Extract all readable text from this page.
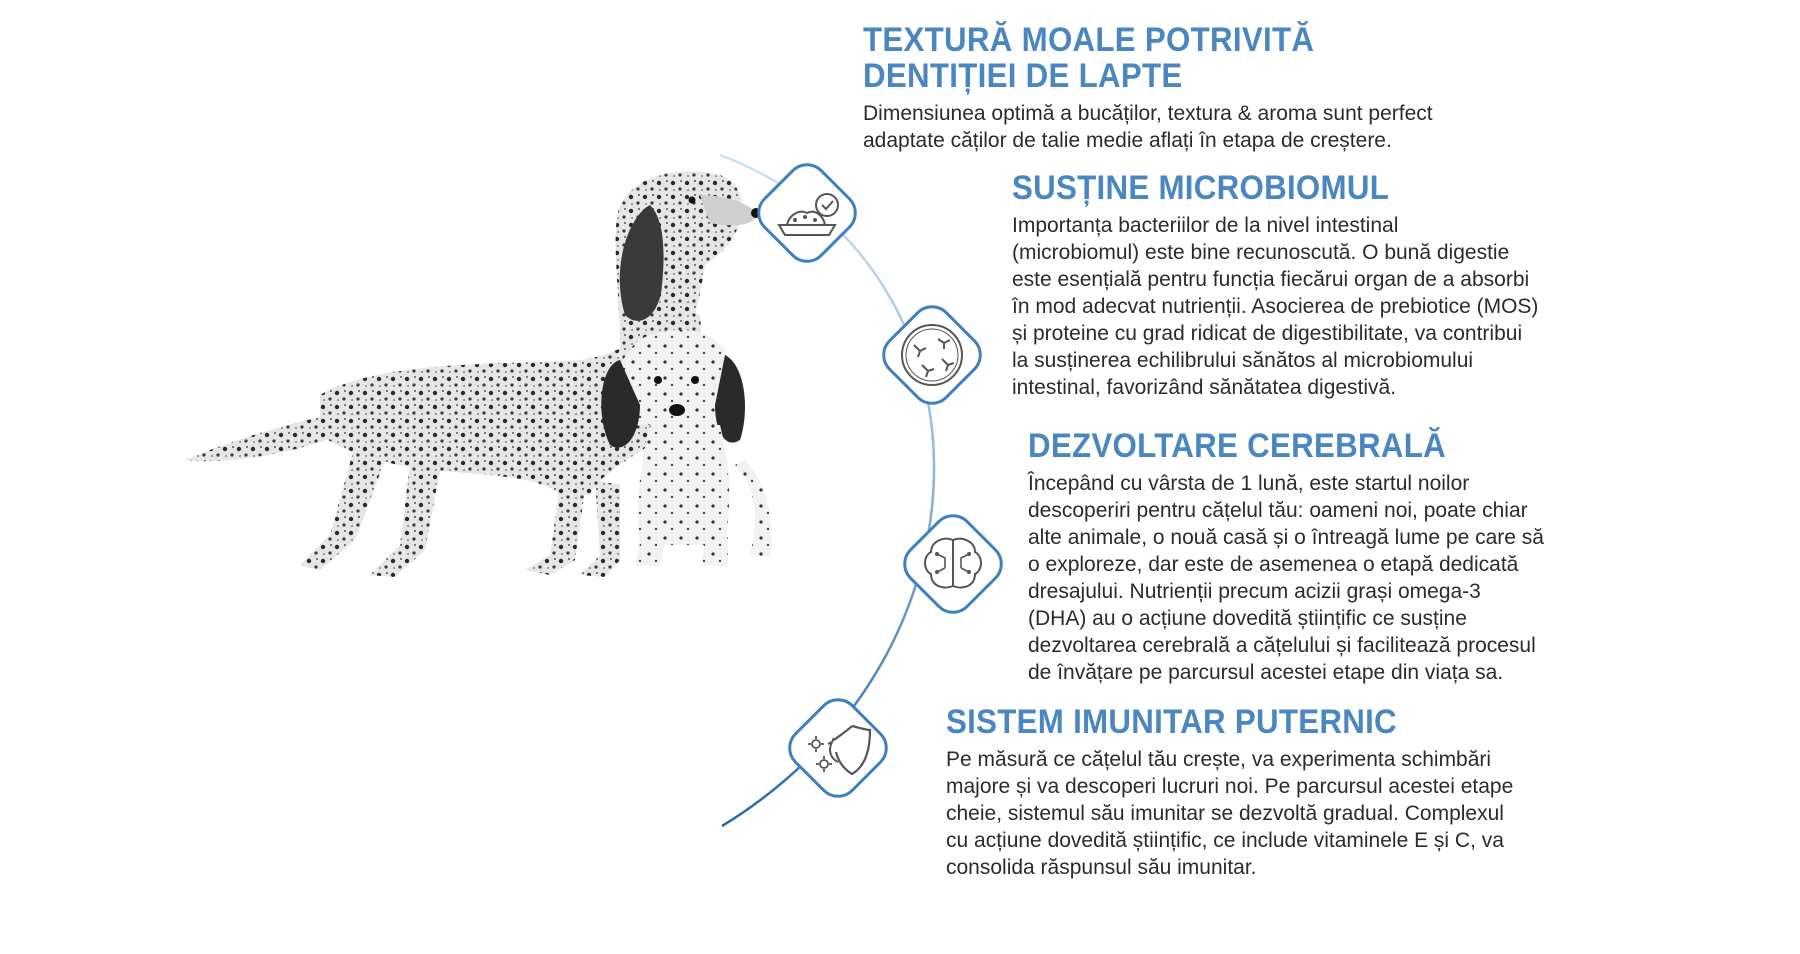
TEXTURĂ MOALE POTRIVITĂ
DENTIȚIEI DE LAPTE

Dimensiunea optimă a bucăților, textura & aroma sunt perfect
adaptate căților de talie medie aflați în etapa de creștere.

SUSȚINE MICROBIOMUL

Importanța bacteriilor de la nivel intestinal
(microbiomul) este bine recunoscută. O bună digestie
este esențială pentru funcția fiecărui organ de a absorbi
în mod adecvat nutrienții. Asocierea de prebiotice (MOS)
și proteine cu grad ridicat de digestibilitate, va contribui
la susținerea echilibrului sănătos al microbiomului
intestinal, favorizând sănătatea digestivă.

DEZVOLTARE CEREBRALĂ

Începând cu vârsta de 1 lună, este startul noilor
descoperiri pentru cățelul tău: oameni noi, poate chiar
alte animale, o nouă casă și o întreagă lume pe care să
o exploreze, dar este de asemenea o etapă dedicată
dresajului. Nutrienții precum acizii grași omega-3
(DHA) au o acțiune dovedită științific ce susține
dezvoltarea cerebrală a cățelului și facilitează procesul
de învățare pe parcursul acestei etape din viața sa.

SISTEM IMUNITAR PUTERNIC

Pe măsură ce cățelul tău crește, va experimenta schimbări
majore și va descoperi lucruri noi. Pe parcursul acestei etape
cheie, sistemul său imunitar se dezvoltă gradual. Complexul
cu acțiune dovedită științific, ce include vitaminele E și C, va
consolida răspunsul său imunitar.
